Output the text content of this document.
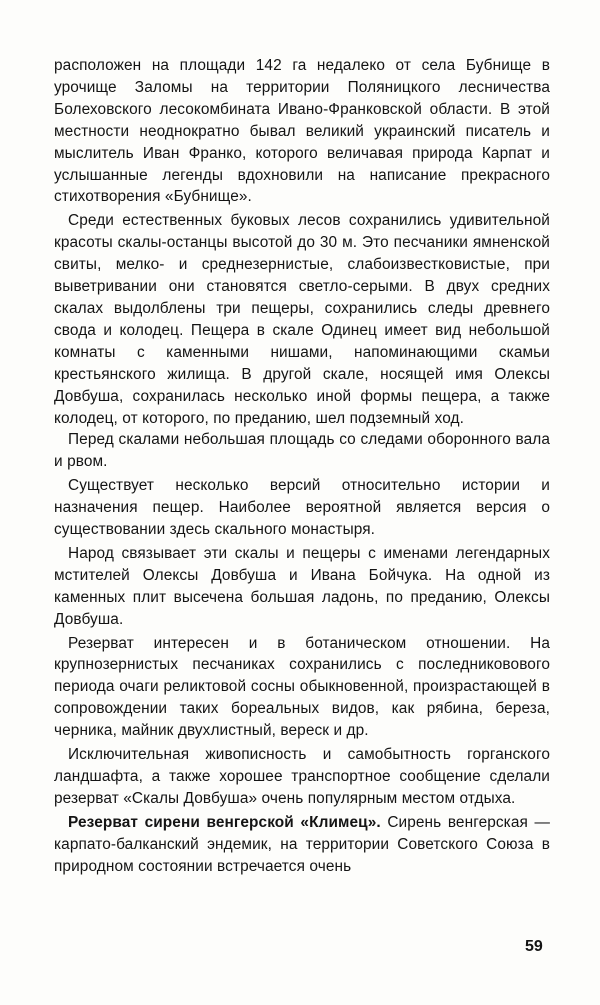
расположен на площади 142 га недалеко от села Бубнище в урочище Заломы на территории Поляницкого лесничества Болеховского лесокомбината Ивано-Франковской области. В этой местности неоднократно бывал великий украинский писатель и мыслитель Иван Франко, которого величавая природа Карпат и услышанные легенды вдохновили на написание прекрасного стихотворения «Бубнище».

Среди естественных буковых лесов сохранились удивительной красоты скалы-останцы высотой до 30 м. Это песчаники ямненской свиты, мелко- и среднезернистые, слабоизвестковистые, при выветривании они становятся светло-серыми. В двух средних скалах выдолблены три пещеры, сохранились следы древнего свода и колодец. Пещера в скале Одинец имеет вид небольшой комнаты с каменными нишами, напоминающими скамьи крестьянского жилища. В другой скале, носящей имя Олексы Довбуша, сохранилась несколько иной формы пещера, а также колодец, от которого, по преданию, шел подземный ход.

Перед скалами небольшая площадь со следами оборонного вала и рвом.

Существует несколько версий относительно истории и назначения пещер. Наиболее вероятной является версия о существовании здесь скального монастыря.

Народ связывает эти скалы и пещеры с именами легендарных мстителей Олексы Довбуша и Ивана Бойчука. На одной из каменных плит высечена большая ладонь, по преданию, Олексы Довбуша.

Резерват интересен и в ботаническом отношении. На крупнозернистых песчаниках сохранились с последниковового периода очаги реликтовой сосны обыкновенной, произрастающей в сопровождении таких бореальных видов, как рябина, береза, черника, майник двухлистный, вереск и др.

Исключительная живописность и самобытность горганского ландшафта, а также хорошее транспортное сообщение сделали резерват «Скалы Довбуша» очень популярным местом отдыха.

Резерват сирени венгерской «Климец». Сирень венгерская — карпато-балканский эндемик, на территории Советского Союза в природном состоянии встречается очень

59
